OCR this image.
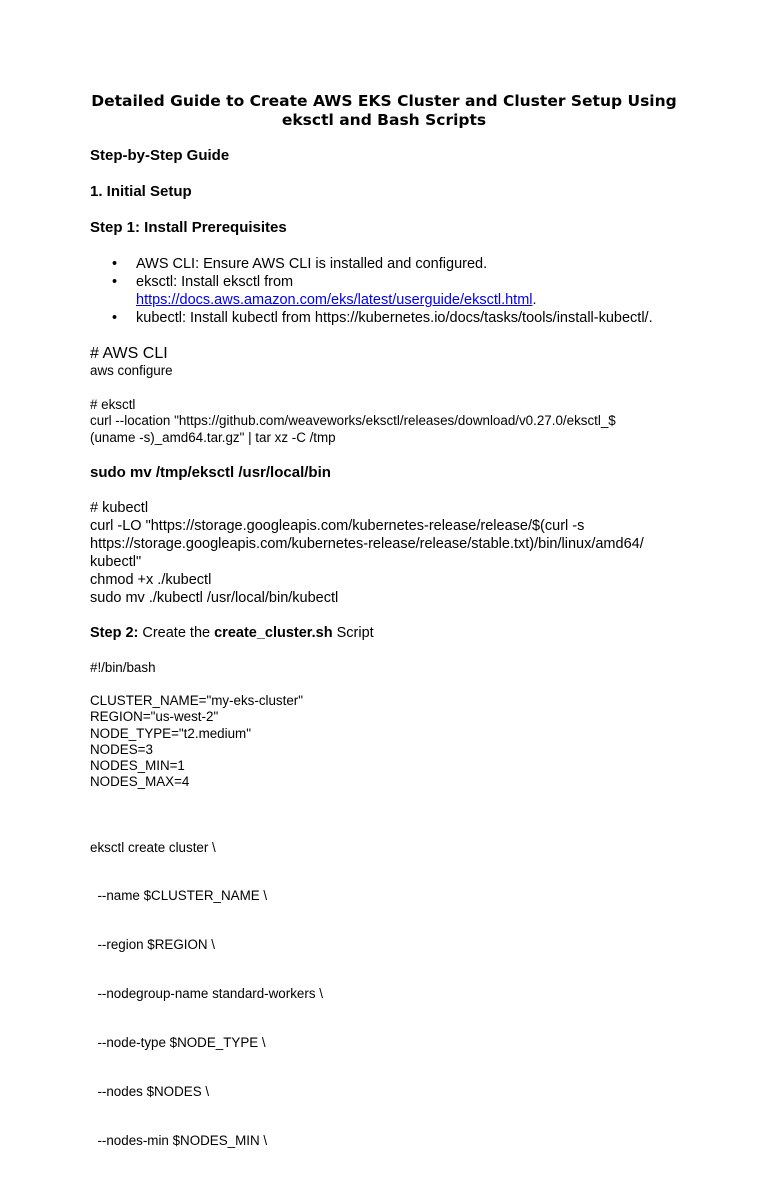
Detailed Guide to Create AWS EKS Cluster and Cluster Setup Using
eksctl and Bash Scripts

Step-by-Step Guide

1. Initial Setup

Step 1: Install Prerequisites

• AWS CLI: Ensure AWS CLI is installed and configured.
• eksctl: Install eksctl from
https://docs.aws.amazon.com/eks/latest/userguide/eksctl.html.
• kubectl: Install kubectl from https://kubernetes.io/docs/tasks/tools/install-kubectl/.

# AWS CLI

aws configure

# eksctl

curl --location "https://github.com/weaveworks/eksctl/releases/download/v0.27.0/eksctl_$

(uname -s)_amd64.tar.gz" | tar xz -C /tmp

sudo mv /tmp/eksctl /usr/local/bin

# kubectl

curl -LO "https://storage.googleapis.com/kubernetes-release/release/$(curl -s

https://storage.googleapis.com/kubernetes-release/release/stable.txt)/bin/linux/amd64/

kubectl"

chmod +x ./kubectl

sudo mv ./kubectl /usr/local/bin/kubectl

Step 2: Create the create_cluster.sh Script

#!/bin/bash

CLUSTER_NAME="my-eks-cluster"
REGION="us-west-2"
NODE_TYPE="t2.medium"
NODES=3
NODES_MIN=1
NODES_MAX=4

eksctl create cluster \

--name $CLUSTER_NAME \

--region $REGION \

--nodegroup-name standard-workers \

--node-type $NODE_TYPE \

--nodes $NODES \

--nodes-min $NODES_MIN \
